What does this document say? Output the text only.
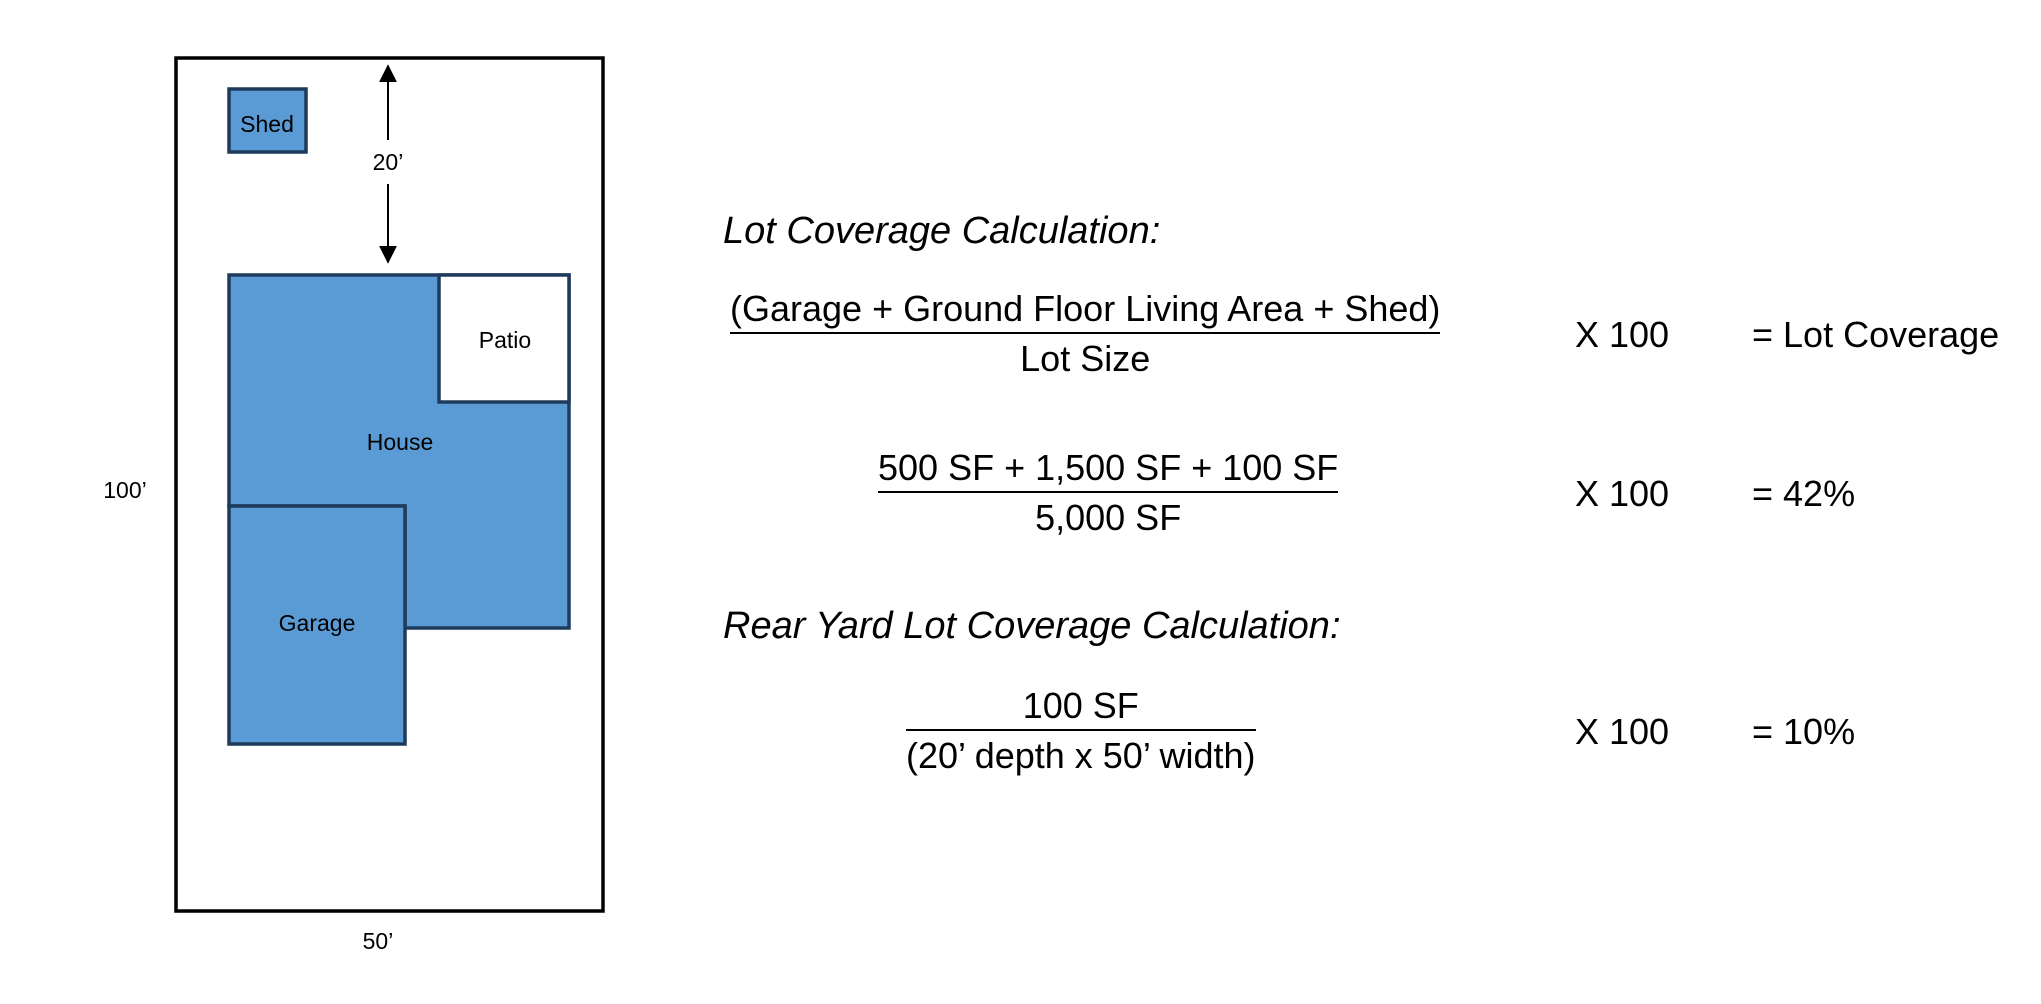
Shed
20’
Patio
House
Garage
100’
50’
Lot Coverage Calculation:
(Garage + Ground Floor Living Area + Shed)
Lot Size
X 100 = Lot Coverage
500 SF + 1,500 SF + 100 SF
5,000 SF
X 100 = 42%
Rear Yard Lot Coverage Calculation:
100 SF
(20’ depth x 50’ width)
X 100 = 10%
